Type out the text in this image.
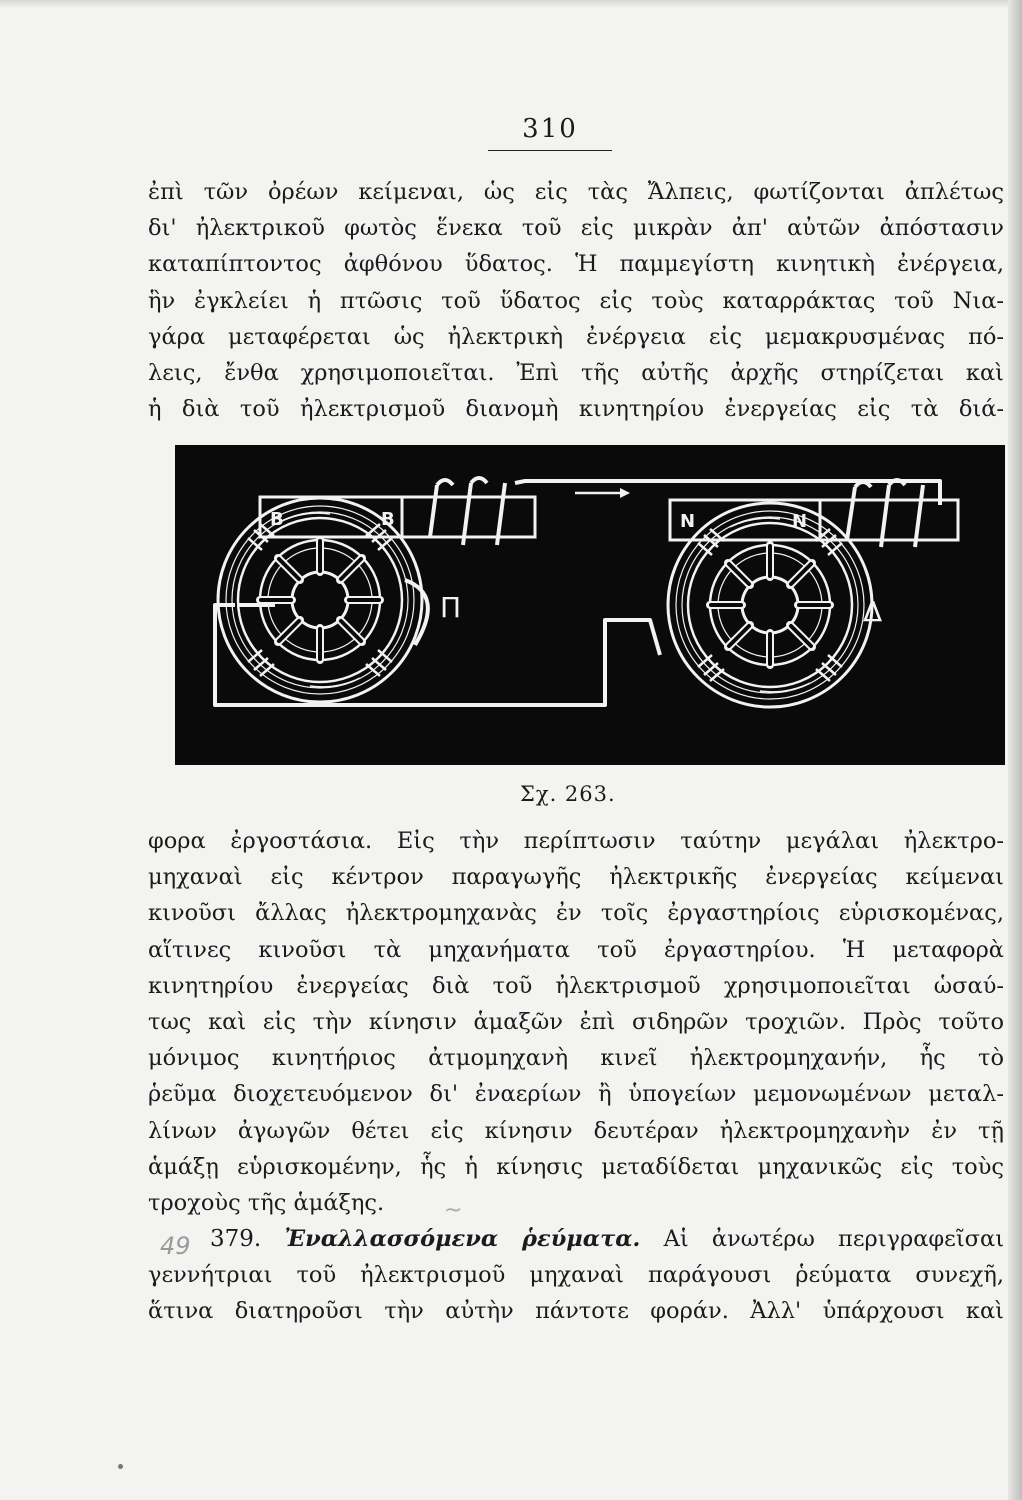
310
ἐπὶ τῶν ὀρέων κείμεναι, ὡς εἰς τὰς Ἄλπεις, φωτίζονται ἀπλέτως
δι' ἠλεκτρικοῦ φωτὸς ἕνεκα τοῦ εἰς μικρὰν ἀπ' αὐτῶν ἀπόστασιν
καταπίπτοντος ἀφθόνου ὕδατος. Ἡ παμμεγίστη κινητικὴ ἐνέργεια,
ἣν ἐγκλείει ἡ πτῶσις τοῦ ὕδατος εἰς τοὺς καταρράκτας τοῦ Νια-
γάρα μεταφέρεται ὡς ἠλεκτρικὴ ἐνέργεια εἰς μεμακρυσμένας πό-
λεις, ἔνθα χρησιμοποιεῖται. Ἐπὶ τῆς αὐτῆς ἀρχῆς στηρίζεται καὶ
ἡ διὰ τοῦ ἠλεκτρισμοῦ διανομὴ κινητηρίου ἐνεργείας εἰς τὰ διά-
B	B	N	N
Π	Δ
Σχ. 263.
φορα ἐργοστάσια. Εἰς τὴν περίπτωσιν ταύτην μεγάλαι ἠλεκτρο-
μηχαναὶ εἰς κέντρον παραγωγῆς ἠλεκτρικῆς ἐνεργείας κείμεναι
κινοῦσι ἄλλας ἠλεκτρομηχανὰς ἐν τοῖς ἐργαστηρίοις εὑρισκομένας,
αἵτινες κινοῦσι τὰ μηχανήματα τοῦ ἐργαστηρίου. Ἡ μεταφορὰ
κινητηρίου ἐνεργείας διὰ τοῦ ἠλεκτρισμοῦ χρησιμοποιεῖται ὡσαύ-
τως καὶ εἰς τὴν κίνησιν ἁμαξῶν ἐπὶ σιδηρῶν τροχιῶν. Πρὸς τοῦτο
μόνιμος κινητήριος ἀτμομηχανὴ κινεῖ ἠλεκτρομηχανήν, ἧς τὸ
ῥεῦμα διοχετευόμενον δι' ἐναερίων ἢ ὑπογείων μεμονωμένων μεταλ-
λίνων ἀγωγῶν θέτει εἰς κίνησιν δευτέραν ἠλεκτρομηχανὴν ἐν τῇ
ἁμάξῃ εὑρισκομένην, ἧς ἡ κίνησις μεταδίδεται μηχανικῶς εἰς τοὺς
τροχοὺς τῆς ἁμάξης.
379. Ἐναλλασσόμενα ῥεύματα. Αἱ ἀνωτέρω περιγραφεῖσαι
γεννήτριαι τοῦ ἠλεκτρισμοῦ μηχαναὶ παράγουσι ῥεύματα συνεχῆ,
ἅτινα διατηροῦσι τὴν αὐτὴν πάντοτε φοράν. Ἀλλ' ὑπάρχουσι καὶ
49
~
